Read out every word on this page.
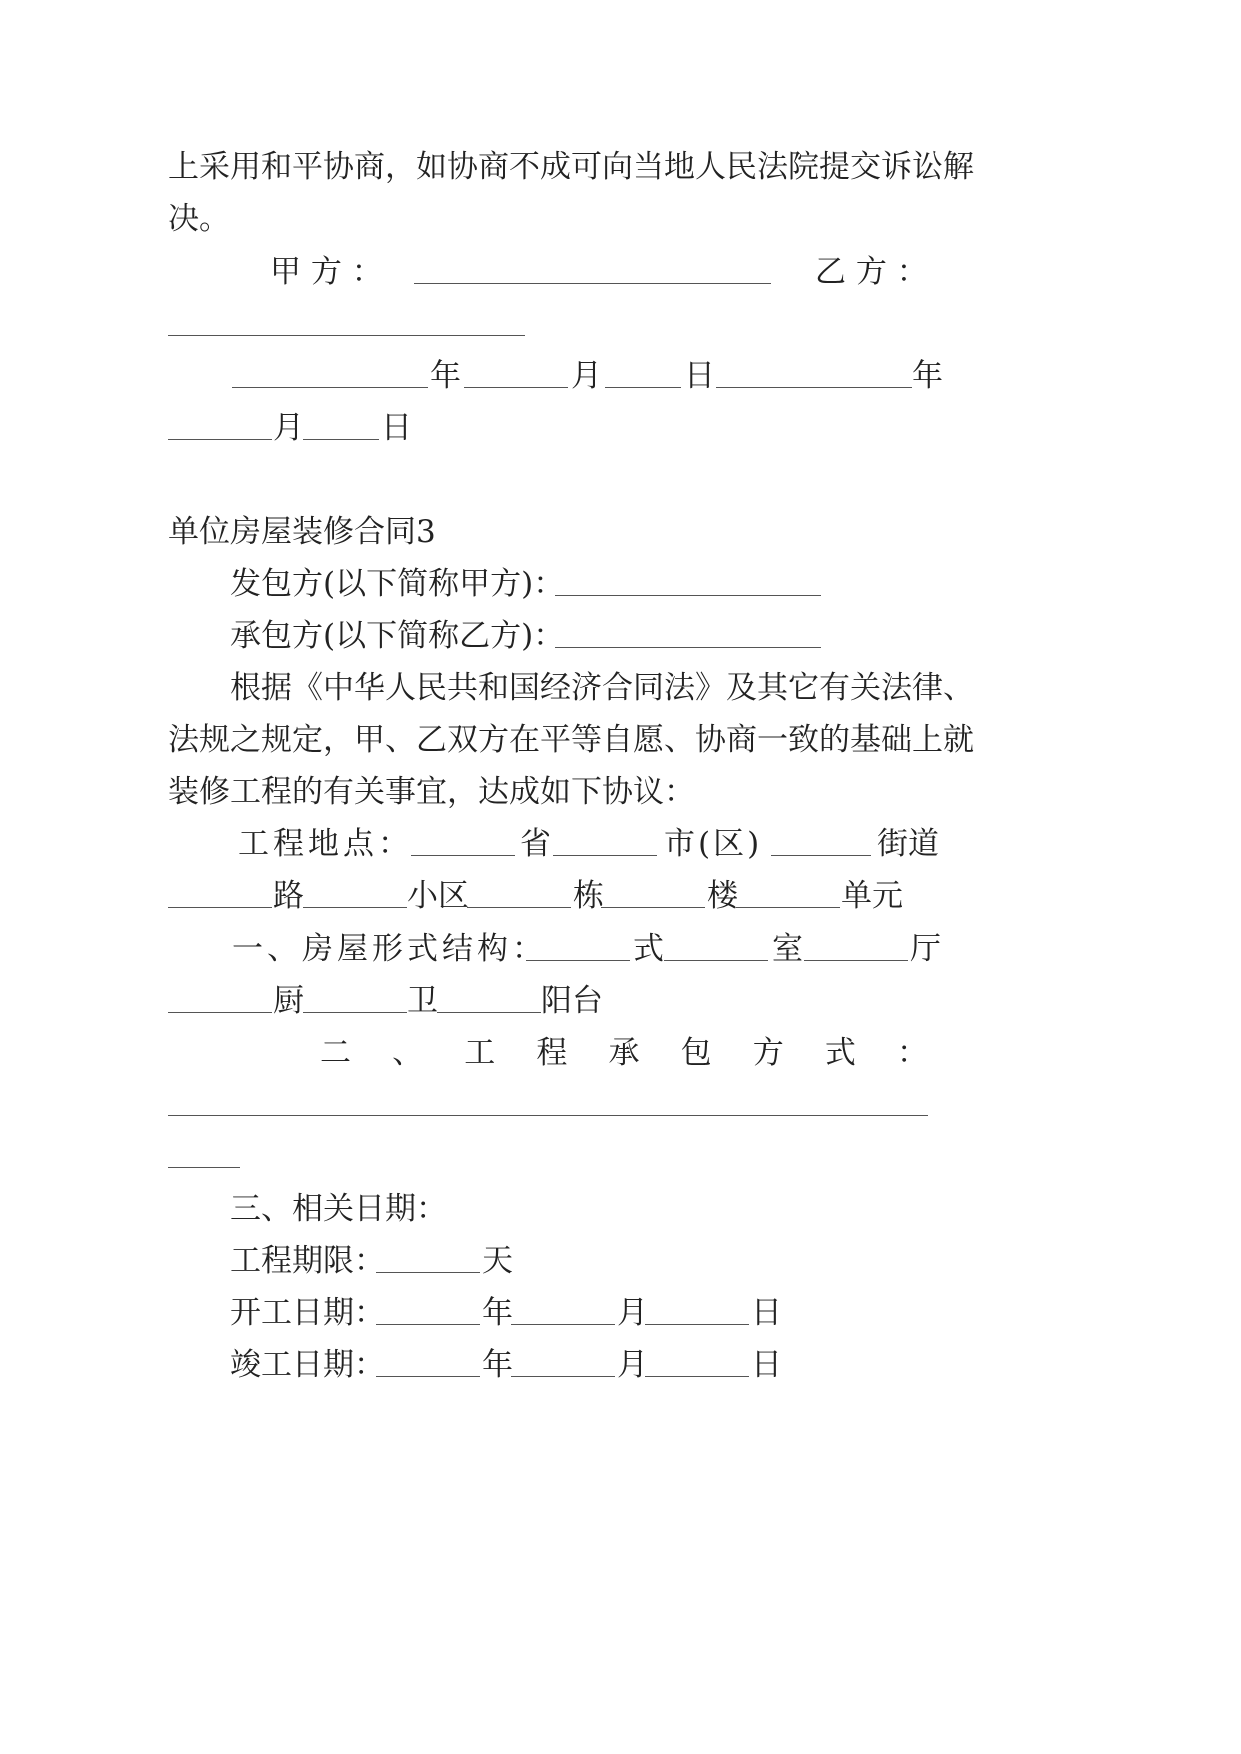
上采用和平协商，如协商不成可向当地人民法院提交诉讼解
决。
甲 方 ：	乙 方 ：
年	月	日	年
月 日
单位房屋装修合同3
发包方(以下简称甲方)：
承包方(以下简称乙方)：
根据《中华人民共和国经济合同法》及其它有关法律、
法规之规定，甲、乙双方在平等自愿、协商一致的基础上就
装修工程的有关事宜，达成如下协议：
工程地点：	省	市(区)	街道
路	小区	栋	楼	单元
一、房屋形式结构：	式	室	厅
厨	卫	阳台
二 、 工 程 承 包 方 式 ：
三、相关日期：
工程期限：	天
开工日期：	年	月	日
竣工日期：	年	月	日
